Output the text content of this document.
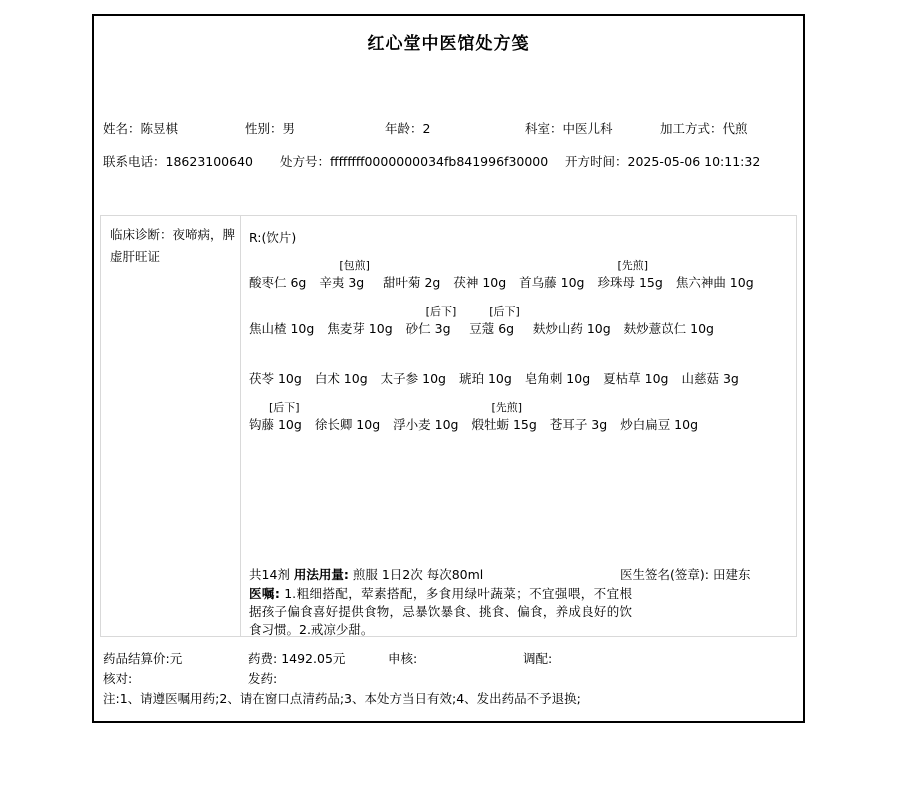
红心堂中医馆处方笺
姓名：陈昱棋	性别：男	年龄：2	科室：中医儿科	加工方式：代煎
联系电话：18623100640	处方号：ffffffff0000000034fb841996f30000	开方时间：2025-05-06 10:11:32
临床诊断：夜啼病，脾虚肝旺证
R:(饮片)
酸枣仁 6g
[包煎]
辛夷 3g	甜叶菊 2g 茯神 10g 首乌藤 10g
[先煎]
珍珠母 15g 焦六神曲 10g
焦山楂 10g 焦麦芽 10g
[后下]
砂仁 3g
[后下]
豆蔻 6g	麸炒山药 10g 麸炒薏苡仁 10g
茯苓 10g 白术 10g 太子参 10g 琥珀 10g 皂角刺 10g 夏枯草 10g 山慈菇 3g
[后下]
钩藤 10g 徐长卿 10g 浮小麦 10g
[先煎]
煅牡蛎 15g 苍耳子 3g 炒白扁豆 10g
共14剂 用法用量: 煎服 1日2次 每次80ml	医生签名(签章): 田建东
医嘱: 1.粗细搭配，荤素搭配，多食用绿叶蔬菜；不宜强喂，不宜根据孩子偏食喜好提供食物，忌暴饮暴食、挑食、偏食，养成良好的饮食习惯。2.戒凉少甜。
药品结算价:元	药费: 1492.05元	申核:	调配:
核对:	发药:
注:1、请遵医嘱用药;2、请在窗口点清药品;3、本处方当日有效;4、发出药品不予退换;
